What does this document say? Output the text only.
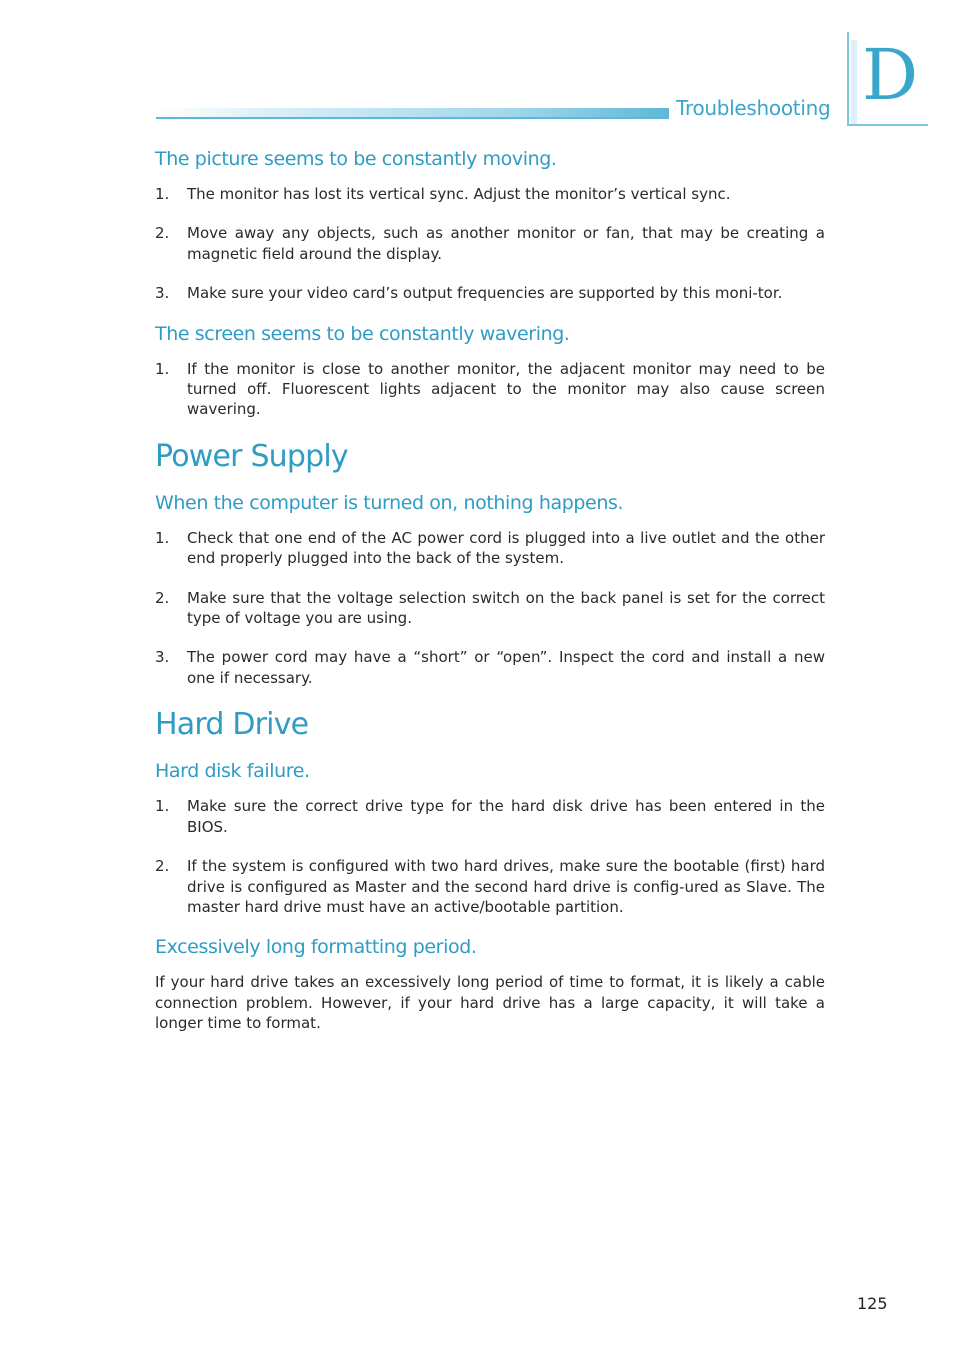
Troubleshooting D
The picture seems to be constantly moving.
1. The monitor has lost its vertical sync. Adjust the monitor’s vertical sync.
2. Move away any objects, such as another monitor or fan, that may be creating a magnetic field around the display.
3. Make sure your video card’s output frequencies are supported by this moni-tor.
The screen seems to be constantly wavering.
1. If the monitor is close to another monitor, the adjacent monitor may need to be turned off. Fluorescent lights adjacent to the monitor may also cause screen wavering.
Power Supply
When the computer is turned on, nothing happens.
1. Check that one end of the AC power cord is plugged into a live outlet and the other end properly plugged into the back of the system.
2. Make sure that the voltage selection switch on the back panel is set for the correct type of voltage you are using.
3. The power cord may have a “short” or “open”. Inspect the cord and install a new one if necessary.
Hard Drive
Hard disk failure.
1. Make sure the correct drive type for the hard disk drive has been entered in the BIOS.
2. If the system is configured with two hard drives, make sure the bootable (first) hard drive is configured as Master and the second hard drive is config-ured as Slave. The master hard drive must have an active/bootable partition.
Excessively long formatting period.

If your hard drive takes an excessively long period of time to format, it is likely a cable connection problem. However, if your hard drive has a large capacity, it will take a longer time to format.

125
